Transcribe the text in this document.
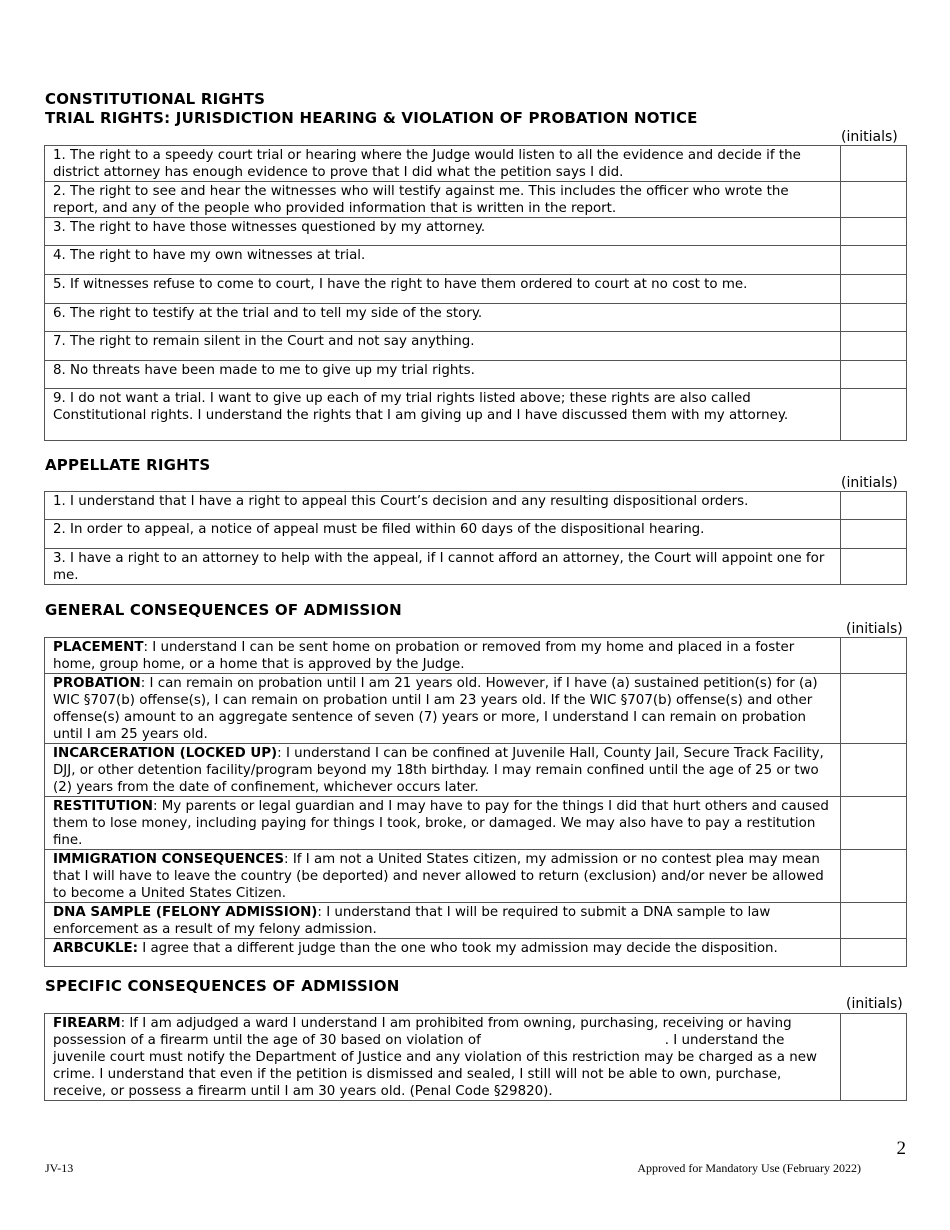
CONSTITUTIONAL RIGHTS
TRIAL RIGHTS: JURISDICTION HEARING & VIOLATION OF PROBATION NOTICE
(initials)
1. The right to a speedy court trial or hearing where the Judge would listen to all the evidence and decide if the district attorney has enough evidence to prove that I did what the petition says I did.	
2. The right to see and hear the witnesses who will testify against me. This includes the officer who wrote the report, and any of the people who provided information that is written in the report.	
3. The right to have those witnesses questioned by my attorney.	
4. The right to have my own witnesses at trial.	
5. If witnesses refuse to come to court, I have the right to have them ordered to court at no cost to me.	
6. The right to testify at the trial and to tell my side of the story.	
7. The right to remain silent in the Court and not say anything.	
8. No threats have been made to me to give up my trial rights.	
9. I do not want a trial. I want to give up each of my trial rights listed above; these rights are also called Constitutional rights. I understand the rights that I am giving up and I have discussed them with my attorney.	
APPELLATE RIGHTS
(initials)
1. I understand that I have a right to appeal this Court’s decision and any resulting dispositional orders.	
2. In order to appeal, a notice of appeal must be filed within 60 days of the dispositional hearing.	
3. I have a right to an attorney to help with the appeal, if I cannot afford an attorney, the Court will appoint one for me.	
GENERAL CONSEQUENCES OF ADMISSION
(initials)
PLACEMENT: I understand I can be sent home on probation or removed from my home and placed in a foster home, group home, or a home that is approved by the Judge.	
PROBATION: I can remain on probation until I am 21 years old. However, if I have (a) sustained petition(s) for (a) WIC §707(b) offense(s), I can remain on probation until I am 23 years old. If the WIC §707(b) offense(s) and other offense(s) amount to an aggregate sentence of seven (7) years or more, I understand I can remain on probation until I am 25 years old.	
INCARCERATION (LOCKED UP): I understand I can be confined at Juvenile Hall, County Jail, Secure Track Facility, DJJ, or other detention facility/program beyond my 18th birthday. I may remain confined until the age of 25 or two (2) years from the date of confinement, whichever occurs later.	
RESTITUTION: My parents or legal guardian and I may have to pay for the things I did that hurt others and caused them to lose money, including paying for things I took, broke, or damaged. We may also have to pay a restitution fine.	
IMMIGRATION CONSEQUENCES: If I am not a United States citizen, my admission or no contest plea may mean that I will have to leave the country (be deported) and never allowed to return (exclusion) and/or never be allowed to become a United States Citizen.	
DNA SAMPLE (FELONY ADMISSION): I understand that I will be required to submit a DNA sample to law enforcement as a result of my felony admission.	
ARBCUKLE: I agree that a different judge than the one who took my admission may decide the disposition.	
SPECIFIC CONSEQUENCES OF ADMISSION
(initials)
FIREARM: If I am adjudged a ward I understand I am prohibited from owning, purchasing, receiving or having possession of a firearm until the age of 30 based on violation of	. I understand the juvenile court must notify the Department of Justice and any violation of this restriction may be charged as a new crime. I understand that even if the petition is dismissed and sealed, I still will not be able to own, purchase, receive, or possess a firearm until I am 30 years old. (Penal Code §29820).	
2
JV-13	Approved for Mandatory Use (February 2022)
